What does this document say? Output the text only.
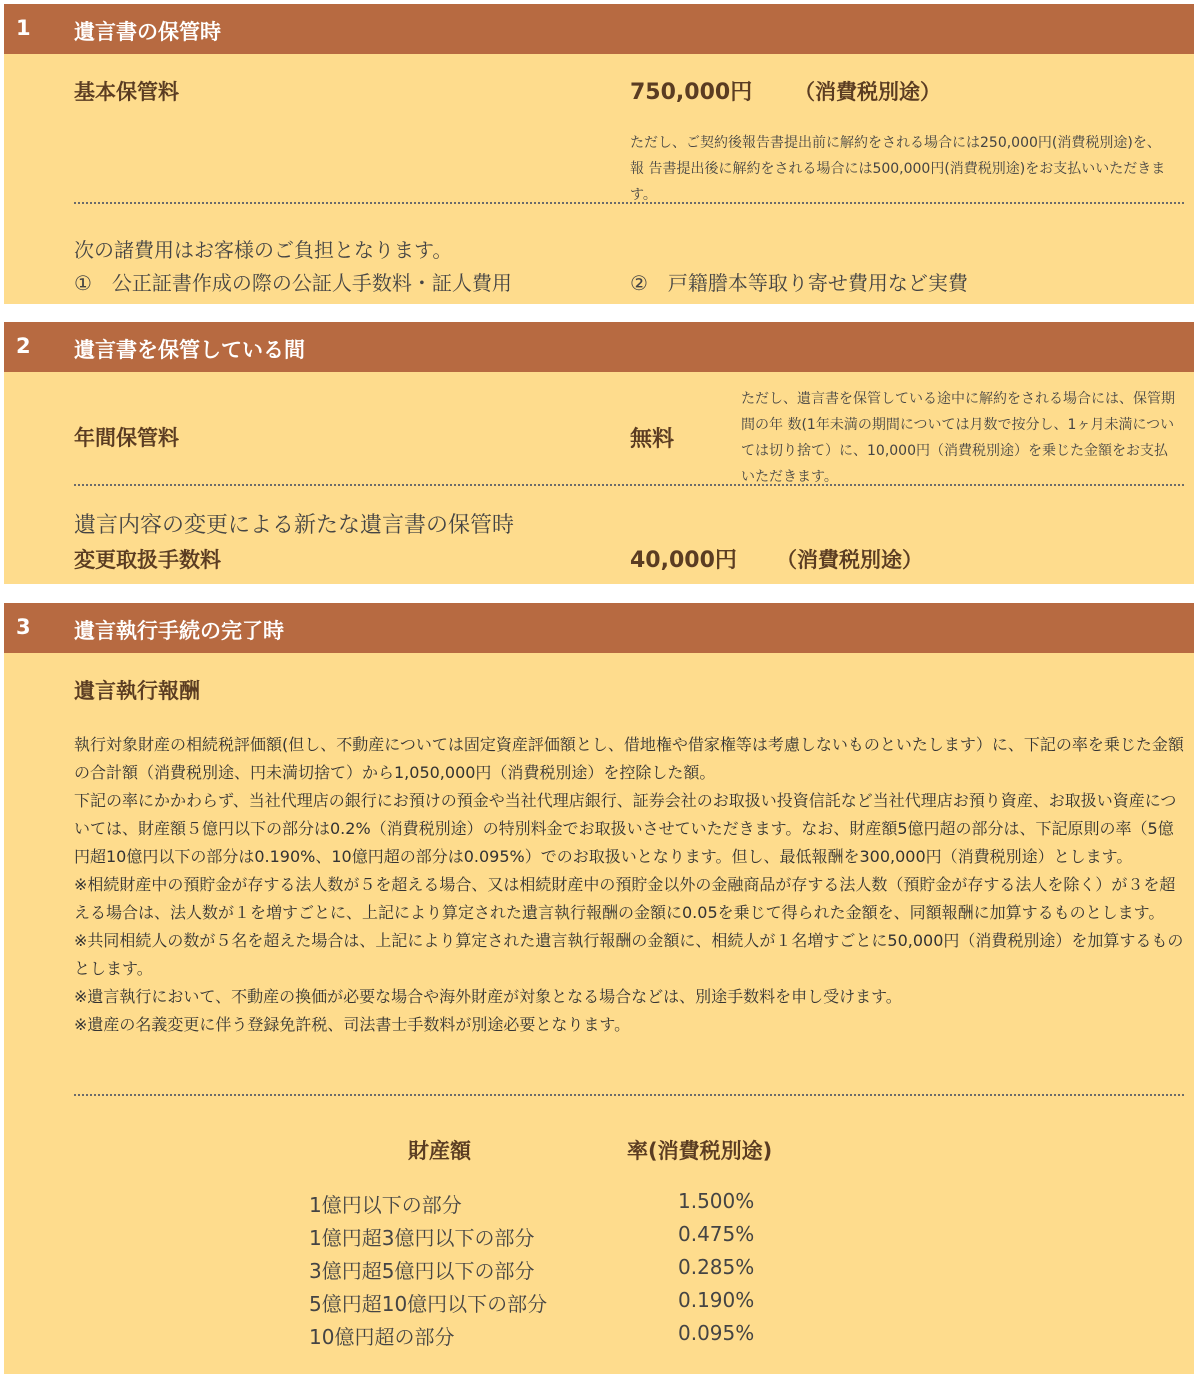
1 遺言書の保管時
基本保管料	750,000円 （消費税別途）
ただし、ご契約後報告書提出前に解約をされる場合には250,000円(消費税別途)を、報 告書提出後に解約をされる場合には500,000円(消費税別途)をお支払いいただきます。
次の諸費用はお客様のご負担となります。
①　公正証書作成の際の公証人手数料・証人費用	②　戸籍謄本等取り寄せ費用など実費
2 遺言書を保管している間
年間保管料	無料
ただし、遺言書を保管している途中に解約をされる場合には、保管期間の年 数(1年未満の期間については月数で按分し、1ヶ月未満については切り捨て）に、10,000円（消費税別途）を乗じた金額をお支払いただきます。
遺言内容の変更による新たな遺言書の保管時
変更取扱手数料	40,000円 （消費税別途）
3 遺言執行手続の完了時
遺言執行報酬
執行対象財産の相続税評価額(但し、不動産については固定資産評価額とし、借地権や借家権等は考慮しないものといたします）に、下記の率を乗じた金額の合計額（消費税別途、円未満切捨て）から1,050,000円（消費税別途）を控除した額。
下記の率にかかわらず、当社代理店の銀行にお預けの預金や当社代理店銀行、証券会社のお取扱い投資信託など当社代理店お預り資産、お取扱い資産については、財産額５億円以下の部分は0.2%（消費税別途）の特別料金でお取扱いさせていただきます。なお、財産額5億円超の部分は、下記原則の率（5億円超10億円以下の部分は0.190%、10億円超の部分は0.095%）でのお取扱いとなります。但し、最低報酬を300,000円（消費税別途）とします。
※相続財産中の預貯金が存する法人数が５を超える場合、又は相続財産中の預貯金以外の金融商品が存する法人数（預貯金が存する法人を除く）が３を超える場合は、法人数が１を増すごとに、上記により算定された遺言執行報酬の金額に0.05を乗じて得られた金額を、同額報酬に加算するものとします。
※共同相続人の数が５名を超えた場合は、上記により算定された遺言執行報酬の金額に、相続人が１名増すごとに50,000円（消費税別途）を加算するものとします。
※遺言執行において、不動産の換価が必要な場合や海外財産が対象となる場合などは、別途手数料を申し受けます。
※遺産の名義変更に伴う登録免許税、司法書士手数料が別途必要となります。
財産額	率(消費税別途)
1億円以下の部分	1.500%
1億円超3億円以下の部分	0.475%
3億円超5億円以下の部分	0.285%
5億円超10億円以下の部分	0.190%
10億円超の部分	0.095%
